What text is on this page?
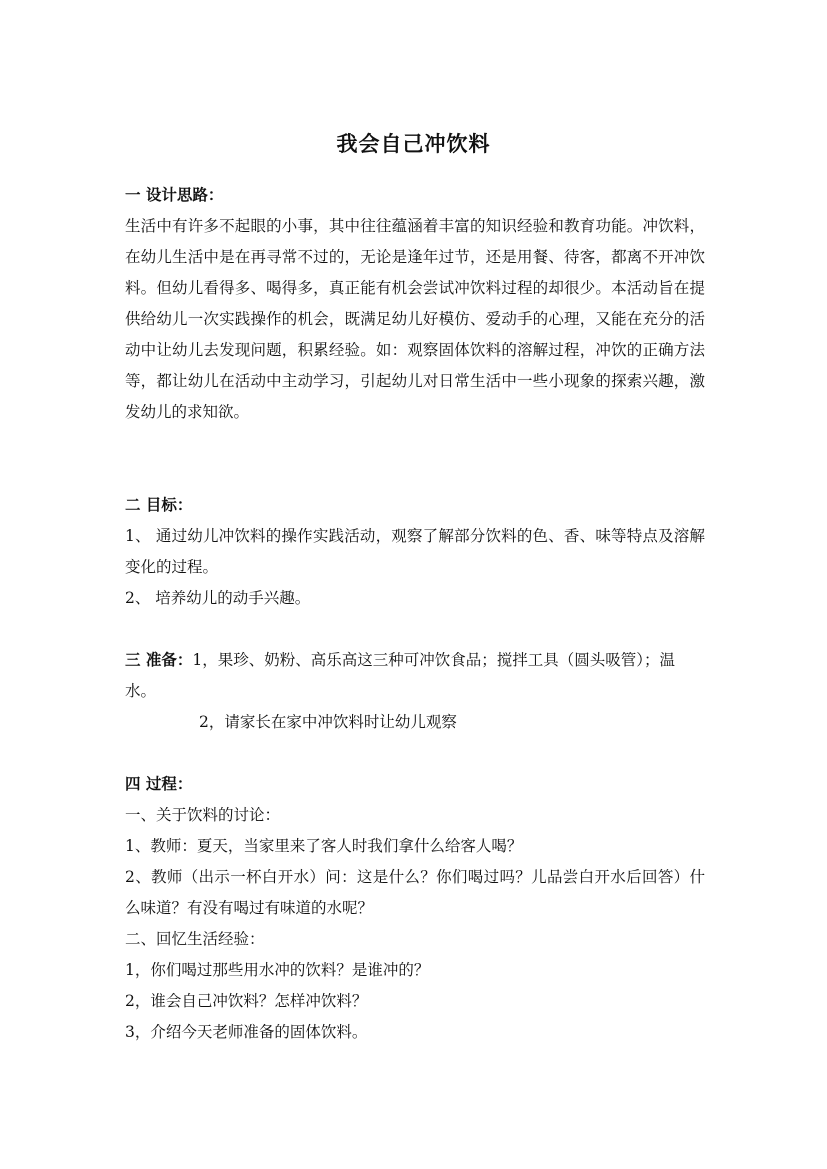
我会自己冲饮料

一 设计思路：

生活中有许多不起眼的小事，其中往往蕴涵着丰富的知识经验和教育功能。冲饮料，在幼儿生活中是在再寻常不过的，无论是逢年过节，还是用餐、待客，都离不开冲饮料。但幼儿看得多、喝得多，真正能有机会尝试冲饮料过程的却很少。本活动旨在提供给幼儿一次实践操作的机会，既满足幼儿好模仿、爱动手的心理，又能在充分的活动中让幼儿去发现问题，积累经验。如：观察固体饮料的溶解过程，冲饮的正确方法等，都让幼儿在活动中主动学习，引起幼儿对日常生活中一些小现象的探索兴趣，激发幼儿的求知欲。

二 目标：

1、 通过幼儿冲饮料的操作实践活动，观察了解部分饮料的色、香、味等特点及溶解变化的过程。

2、 培养幼儿的动手兴趣。

三 准备：1，果珍、奶粉、高乐高这三种可冲饮食品；搅拌工具（圆头吸管）；温水。

2，请家长在家中冲饮料时让幼儿观察

四 过程：

一、关于饮料的讨论：

1、教师：夏天，当家里来了客人时我们拿什么给客人喝？

2、教师（出示一杯白开水）问：这是什么？你们喝过吗？儿品尝白开水后回答）什么味道？有没有喝过有味道的水呢？

二、回忆生活经验：

1，你们喝过那些用水冲的饮料？是谁冲的？

2，谁会自己冲饮料？怎样冲饮料？

3，介绍今天老师准备的固体饮料。
